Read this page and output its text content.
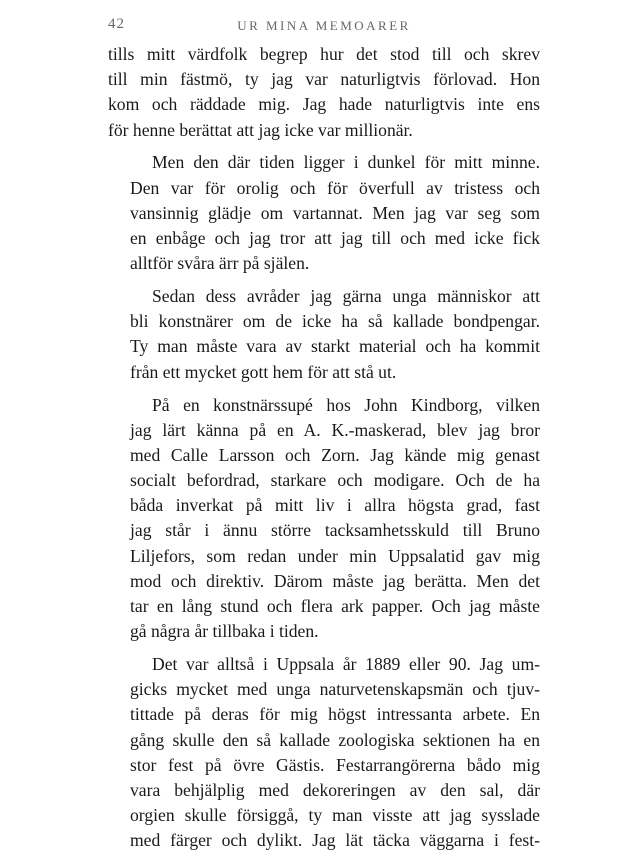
42	UR MINA MEMOARER

tills mitt värdfolk begrep hur det stod till och skrev
till min fästmö, ty jag var naturligtvis förlovad. Hon
kom och räddade mig. Jag hade naturligtvis inte ens
för henne berättat att jag icke var millionär.

Men den där tiden ligger i dunkel för mitt minne.
Den var för orolig och för överfull av tristess och
vansinnig glädje om vartannat. Men jag var seg som
en enbåge och jag tror att jag till och med icke fick
alltför svåra ärr på själen.

Sedan dess avråder jag gärna unga människor att
bli konstnärer om de icke ha så kallade bondpengar.
Ty man måste vara av starkt material och ha kommit
från ett mycket gott hem för att stå ut.

På en konstnärssupé hos John Kindborg, vilken
jag lärt känna på en A. K.-maskerad, blev jag bror
med Calle Larsson och Zorn. Jag kände mig genast
socialt befordrad, starkare och modigare. Och de ha
båda inverkat på mitt liv i allra högsta grad, fast
jag står i ännu större tacksamhetsskuld till Bruno
Liljefors, som redan under min Uppsalatid gav mig
mod och direktiv. Därom måste jag berätta. Men det
tar en lång stund och flera ark papper. Och jag måste
gå några år tillbaka i tiden.

Det var alltså i Uppsala år 1889 eller 90. Jag um-
gicks mycket med unga naturvetenskapsmän och tjuv-
tittade på deras för mig högst intressanta arbete. En
gång skulle den så kallade zoologiska sektionen ha en
stor fest på övre Gästis. Festarrangörerna bådo mig
vara behjälplig med dekoreringen av den sal, där
orgien skulle försiggå, ty man visste att jag sysslade
med färger och dylikt. Jag lät täcka väggarna i fest-
